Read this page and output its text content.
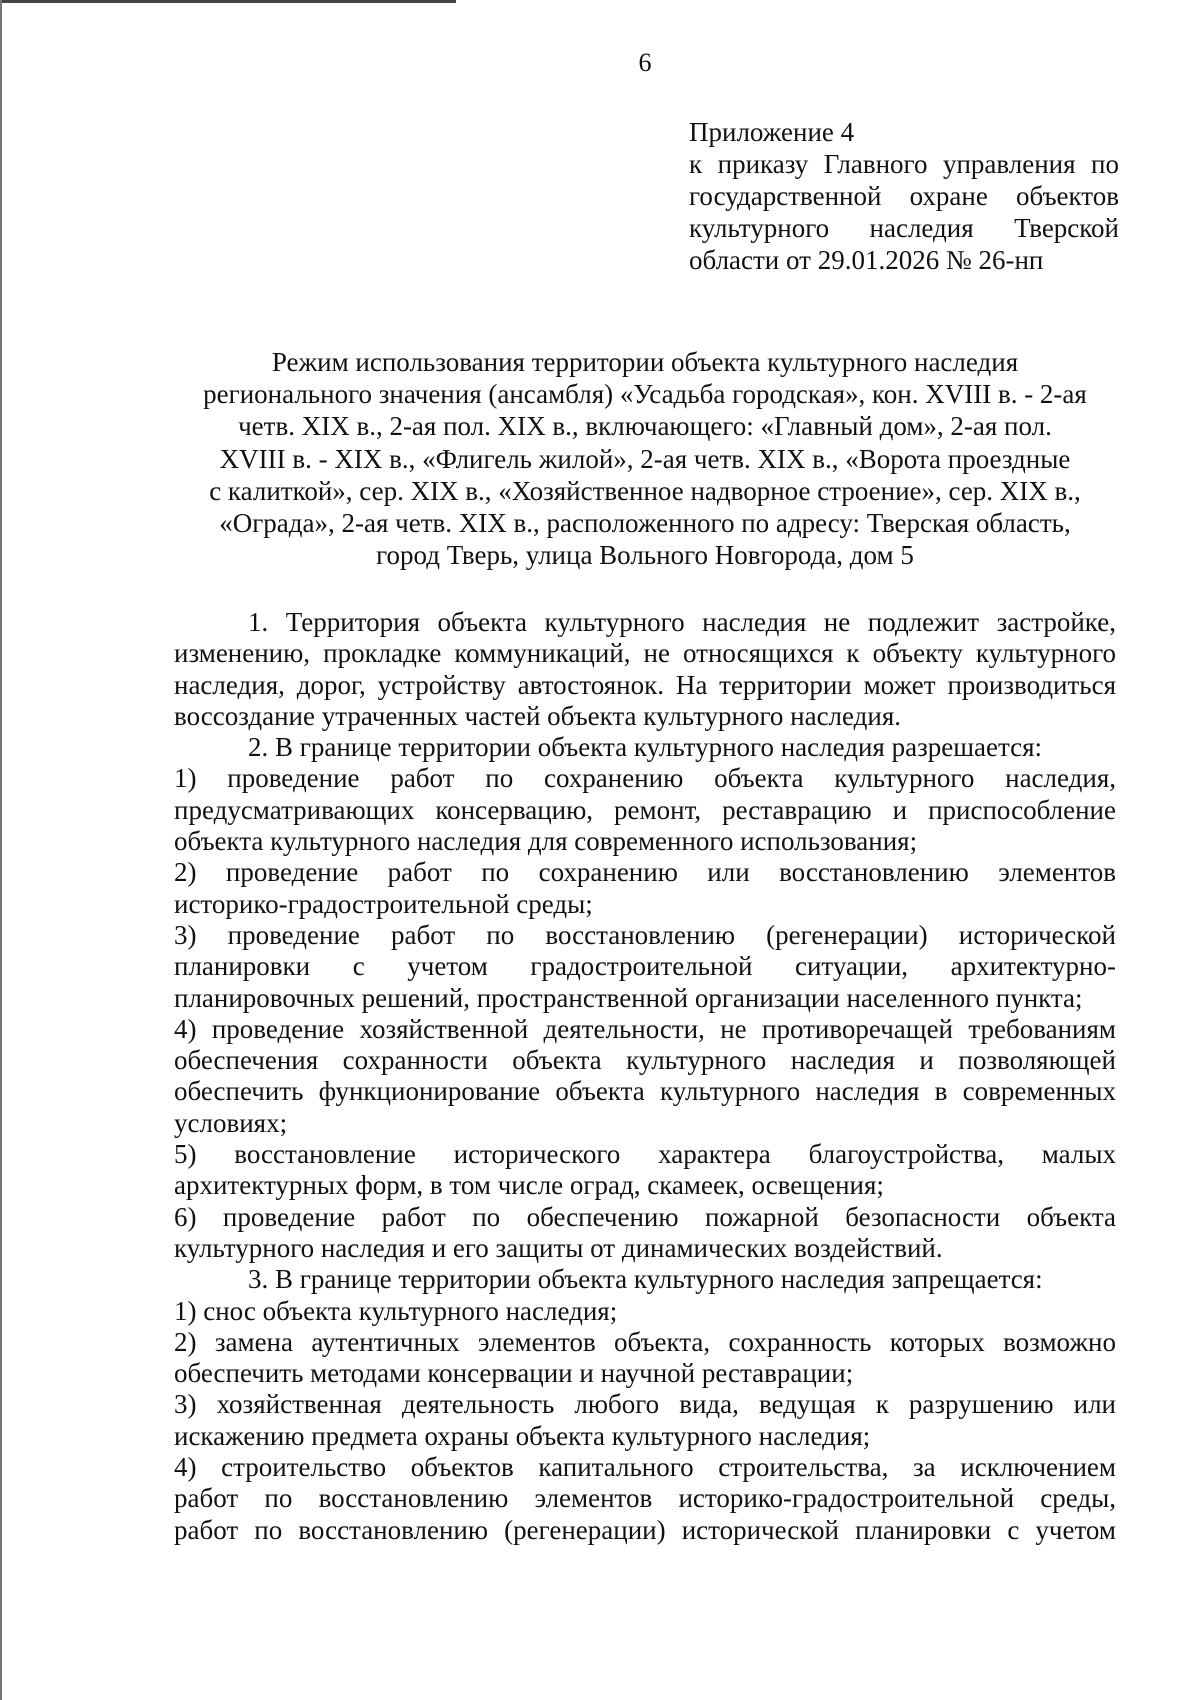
6
Приложение 4
к приказу Главного управления по
государственной охране объектов
культурного наследия Тверской
области от 29.01.2026 № 26-нп
Режим использования территории объекта культурного наследия
регионального значения (ансамбля) «Усадьба городская», кон. XVIII в. - 2-ая
четв. XIX в., 2-ая пол. XIX в., включающего: «Главный дом», 2-ая пол.
XVIII в. - XIX в., «Флигель жилой», 2-ая четв. XIX в., «Ворота проездные
с калиткой», сер. XIX в., «Хозяйственное надворное строение», сер. XIX в.,
«Ограда», 2-ая четв. XIX в., расположенного по адресу: Тверская область,
город Тверь, улица Вольного Новгорода, дом 5
1. Территория объекта культурного наследия не подлежит застройке,
изменению, прокладке коммуникаций, не относящихся к объекту культурного
наследия, дорог, устройству автостоянок. На территории может производиться
воссоздание утраченных частей объекта культурного наследия.
2. В границе территории объекта культурного наследия разрешается:
1) проведение работ по сохранению объекта культурного наследия,
предусматривающих консервацию, ремонт, реставрацию и приспособление
объекта культурного наследия для современного использования;
2) проведение работ по сохранению или восстановлению элементов
историко-градостроительной среды;
3) проведение работ по восстановлению (регенерации) исторической
планировки с учетом градостроительной ситуации, архитектурно-
планировочных решений, пространственной организации населенного пункта;
4) проведение хозяйственной деятельности, не противоречащей требованиям
обеспечения сохранности объекта культурного наследия и позволяющей
обеспечить функционирование объекта культурного наследия в современных
условиях;
5) восстановление исторического характера благоустройства, малых
архитектурных форм, в том числе оград, скамеек, освещения;
6) проведение работ по обеспечению пожарной безопасности объекта
культурного наследия и его защиты от динамических воздействий.
3. В границе территории объекта культурного наследия запрещается:
1) снос объекта культурного наследия;
2) замена аутентичных элементов объекта, сохранность которых возможно
обеспечить методами консервации и научной реставрации;
3) хозяйственная деятельность любого вида, ведущая к разрушению или
искажению предмета охраны объекта культурного наследия;
4) строительство объектов капитального строительства, за исключением
работ по восстановлению элементов историко-градостроительной среды,
работ по восстановлению (регенерации) исторической планировки с учетом
